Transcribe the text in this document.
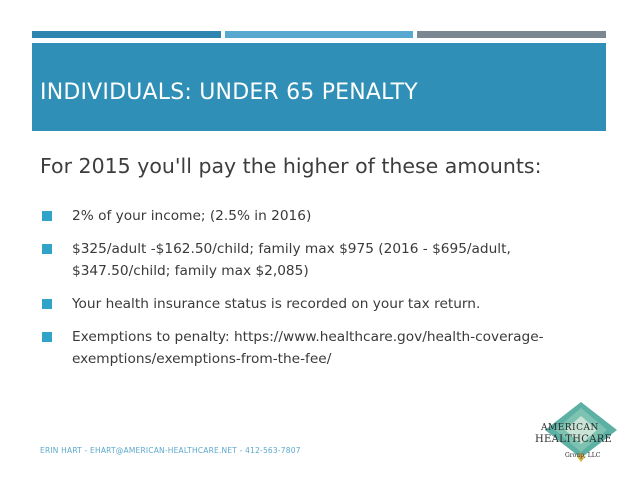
INDIVIDUALS: UNDER 65 PENALTY
For 2015 you'll pay the higher of these amounts:
2% of your income; (2.5% in 2016)
$325/adult -$162.50/child; family max $975 (2016 - $695/adult, $347.50/child; family max $2,085)
Your health insurance status is recorded on your tax return.
Exemptions to penalty: https://www.healthcare.gov/health-coverage-exemptions/exemptions-from-the-fee/
ERIN HART - EHART@AMERICAN-HEALTHCARE.NET - 412-563-7807
AMERICAN
HEALTHCARE
Group, LLC
